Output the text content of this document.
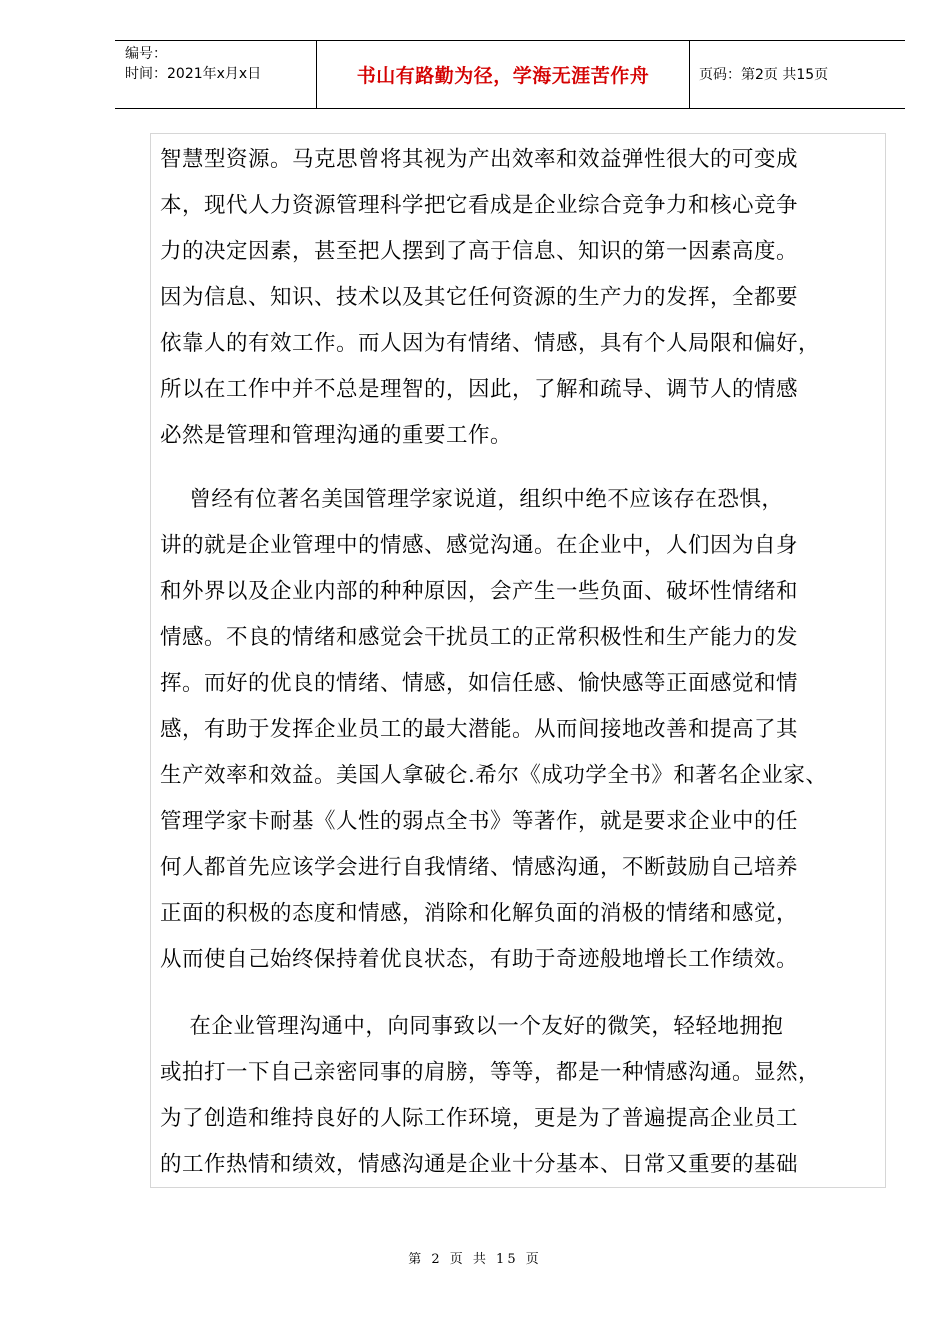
编号：
时间：2021年x月x日	书山有路勤为径，学海无涯苦作舟	页码：第2页 共15页
智慧型资源。马克思曾将其视为产出效率和效益弹性很大的可变成
本，现代人力资源管理科学把它看成是企业综合竞争力和核心竞争
力的决定因素，甚至把人摆到了高于信息、知识的第一因素高度。
因为信息、知识、技术以及其它任何资源的生产力的发挥，全都要
依靠人的有效工作。而人因为有情绪、情感，具有个人局限和偏好，
所以在工作中并不总是理智的，因此，了解和疏导、调节人的情感
必然是管理和管理沟通的重要工作。
曾经有位著名美国管理学家说道，组织中绝不应该存在恐惧，
讲的就是企业管理中的情感、感觉沟通。在企业中，人们因为自身
和外界以及企业内部的种种原因，会产生一些负面、破坏性情绪和
情感。不良的情绪和感觉会干扰员工的正常积极性和生产能力的发
挥。而好的优良的情绪、情感，如信任感、愉快感等正面感觉和情
感，有助于发挥企业员工的最大潜能。从而间接地改善和提高了其
生产效率和效益。美国人拿破仑.希尔《成功学全书》和著名企业家、
管理学家卡耐基《人性的弱点全书》等著作，就是要求企业中的任
何人都首先应该学会进行自我情绪、情感沟通，不断鼓励自己培养
正面的积极的态度和情感，消除和化解负面的消极的情绪和感觉，
从而使自己始终保持着优良状态，有助于奇迹般地增长工作绩效。
在企业管理沟通中，向同事致以一个友好的微笑，轻轻地拥抱
或拍打一下自己亲密同事的肩膀，等等，都是一种情感沟通。显然，
为了创造和维持良好的人际工作环境，更是为了普遍提高企业员工
的工作热情和绩效，情感沟通是企业十分基本、日常又重要的基础
第 2 页 共 15 页
